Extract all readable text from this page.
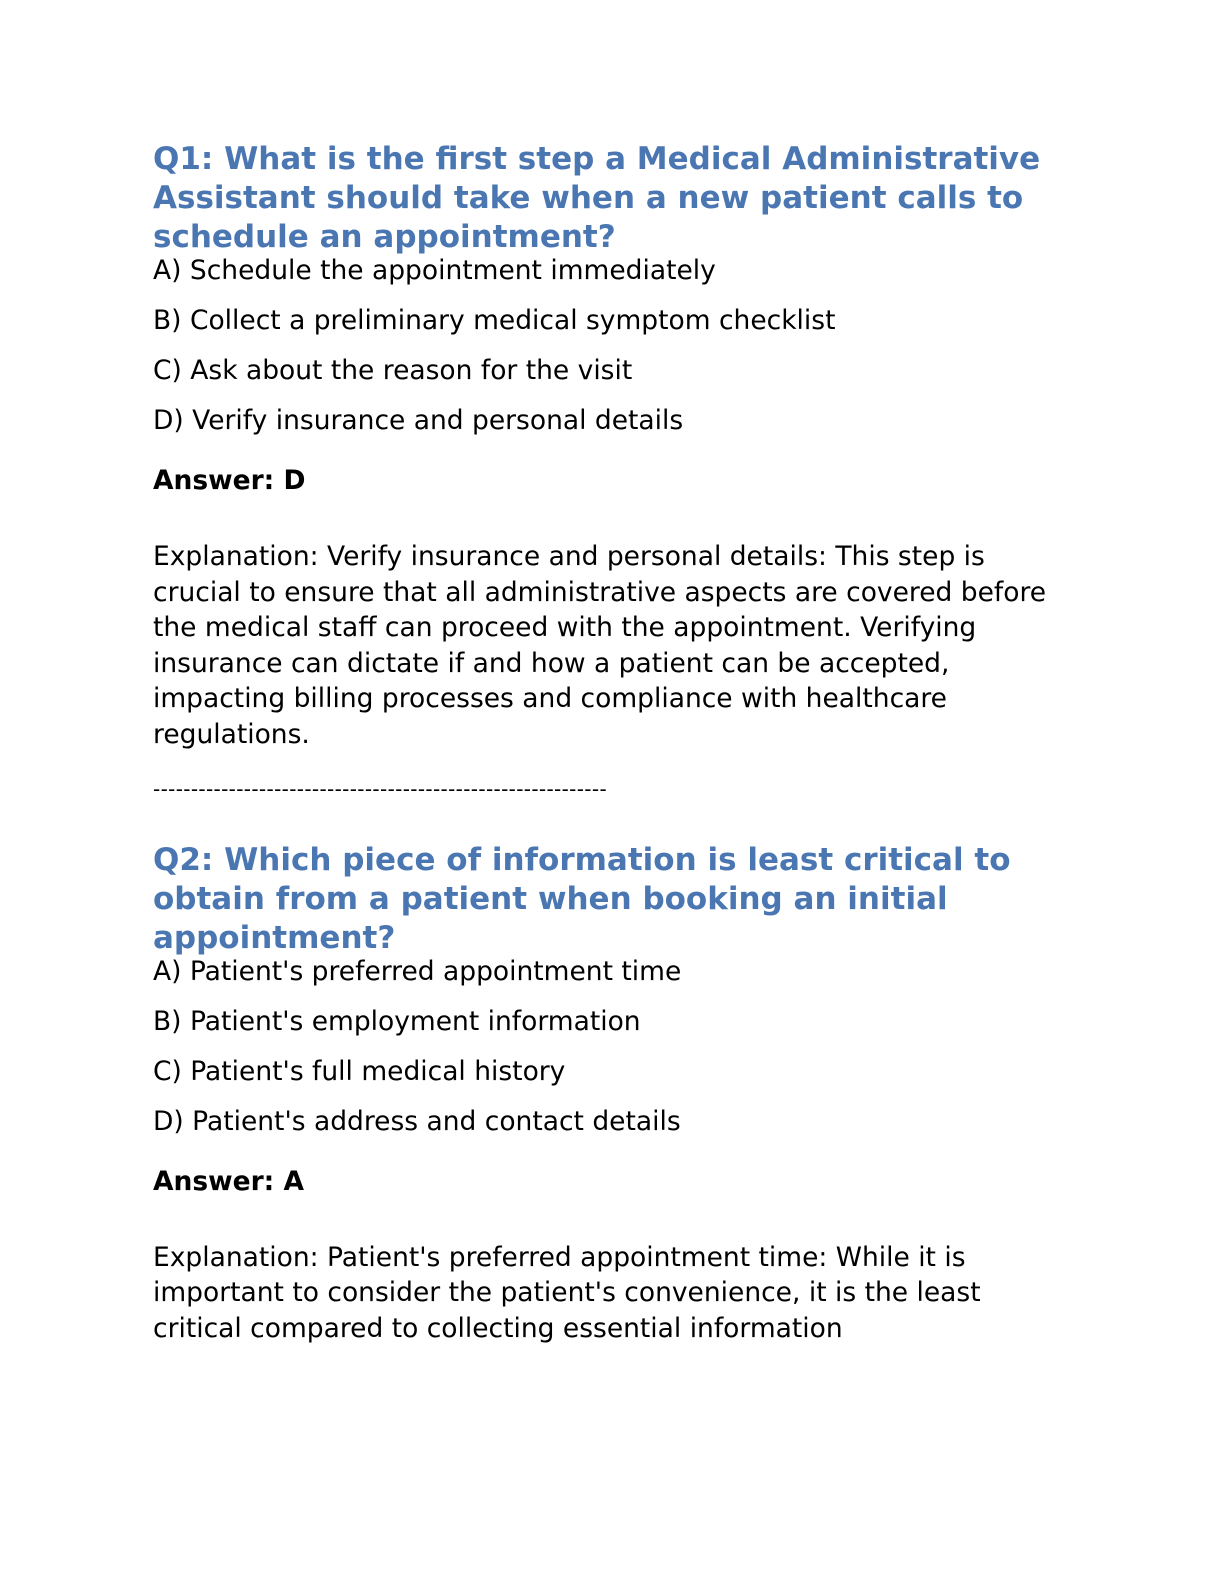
Q1: What is the first step a Medical Administrative Assistant should take when a new patient calls to schedule an appointment?
A) Schedule the appointment immediately
B) Collect a preliminary medical symptom checklist
C) Ask about the reason for the visit
D) Verify insurance and personal details

Answer: D

Explanation: Verify insurance and personal details: This step is crucial to ensure that all administrative aspects are covered before the medical staff can proceed with the appointment. Verifying insurance can dictate if and how a patient can be accepted, impacting billing processes and compliance with healthcare regulations.

------------------------------------------------------------
Q2: Which piece of information is least critical to obtain from a patient when booking an initial appointment?
A) Patient's preferred appointment time
B) Patient's employment information
C) Patient's full medical history
D) Patient's address and contact details

Answer: A

Explanation: Patient's preferred appointment time: While it is important to consider the patient's convenience, it is the least critical compared to collecting essential information
